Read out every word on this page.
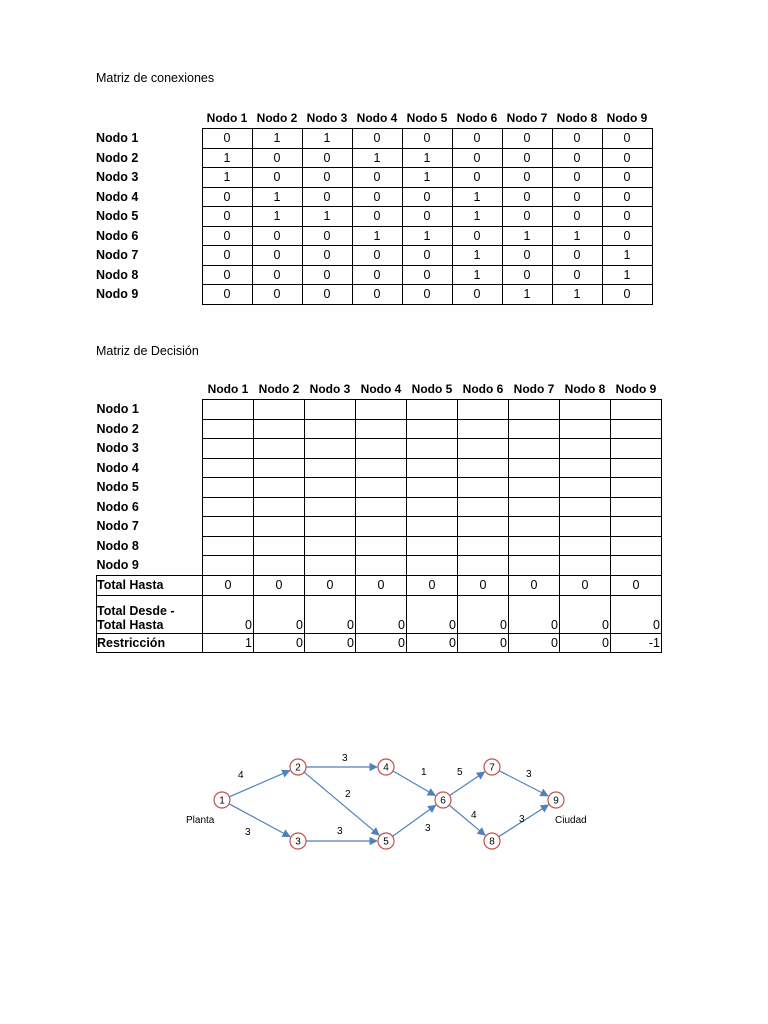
Matriz de conexiones
	Nodo 1	Nodo 2	Nodo 3	Nodo 4	Nodo 5	Nodo 6	Nodo 7	Nodo 8	Nodo 9
Nodo 1	0	1	1	0	0	0	0	0	0
Nodo 2	1	0	0	1	1	0	0	0	0
Nodo 3	1	0	0	0	1	0	0	0	0
Nodo 4	0	1	0	0	0	1	0	0	0
Nodo 5	0	1	1	0	0	1	0	0	0
Nodo 6	0	0	0	1	1	0	1	1	0
Nodo 7	0	0	0	0	0	1	0	0	1
Nodo 8	0	0	0	0	0	1	0	0	1
Nodo 9	0	0	0	0	0	0	1	1	0
Matriz de Decisión
	Nodo 1	Nodo 2	Nodo 3	Nodo 4	Nodo 5	Nodo 6	Nodo 7	Nodo 8	Nodo 9
Nodo 1									
Nodo 2									
Nodo 3									
Nodo 4									
Nodo 5									
Nodo 6									
Nodo 7									
Nodo 8									
Nodo 9									
Total Hasta	0	0	0	0	0	0	0	0	0

Total Desde -
Total Hasta	0	0	0	0	0	0	0	0	0
Restricción	1	0	0	0	0	0	0	0	-1
1
2
3
4
5
6
7
8
9
4
3
3
2
3
1
3
5
4
3
3
Planta	Ciudad
